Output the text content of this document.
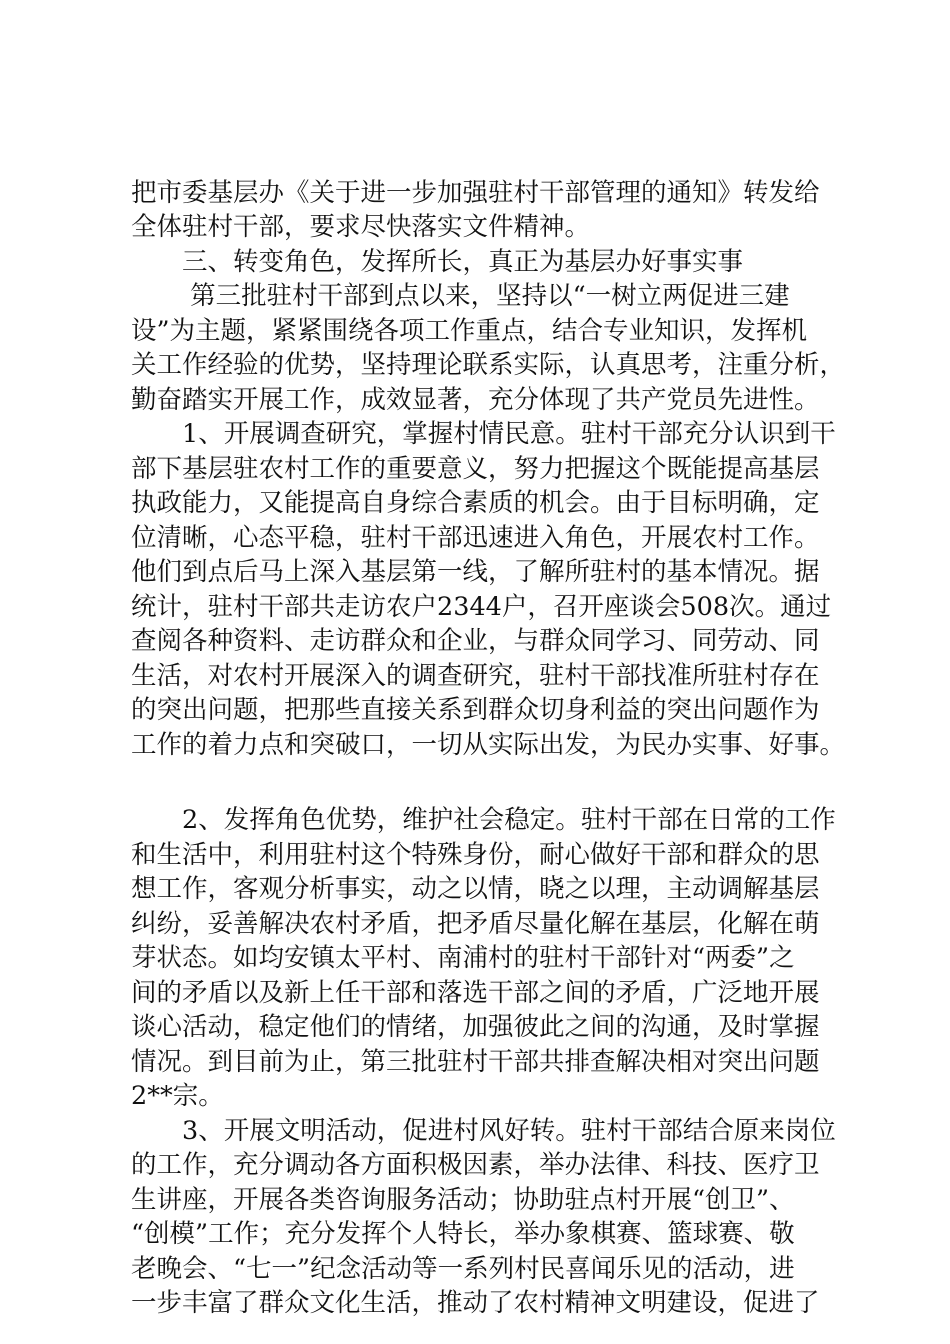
把市委基层办《关于进一步加强驻村干部管理的通知》转发给
全体驻村干部，要求尽快落实文件精神。
　　三、转变角色，发挥所长，真正为基层办好事实事
　　 第三批驻村干部到点以来，坚持以“一树立两促进三建
设”为主题，紧紧围绕各项工作重点，结合专业知识，发挥机
关工作经验的优势，坚持理论联系实际，认真思考，注重分析，
勤奋踏实开展工作，成效显著，充分体现了共产党员先进性。
　　1、开展调查研究，掌握村情民意。驻村干部充分认识到干
部下基层驻农村工作的重要意义，努力把握这个既能提高基层
执政能力，又能提高自身综合素质的机会。由于目标明确，定
位清晰，心态平稳，驻村干部迅速进入角色，开展农村工作。
他们到点后马上深入基层第一线，了解所驻村的基本情况。据
统计，驻村干部共走访农户2344户，召开座谈会508次。通过
查阅各种资料、走访群众和企业，与群众同学习、同劳动、同
生活，对农村开展深入的调查研究，驻村干部找准所驻村存在
的突出问题，把那些直接关系到群众切身利益的突出问题作为
工作的着力点和突破口，一切从实际出发，为民办实事、好事。
　　2、发挥角色优势，维护社会稳定。驻村干部在日常的工作
和生活中，利用驻村这个特殊身份，耐心做好干部和群众的思
想工作，客观分析事实，动之以情，晓之以理，主动调解基层
纠纷，妥善解决农村矛盾，把矛盾尽量化解在基层，化解在萌
芽状态。如均安镇太平村、南浦村的驻村干部针对“两委”之
间的矛盾以及新上任干部和落选干部之间的矛盾，广泛地开展
谈心活动，稳定他们的情绪，加强彼此之间的沟通，及时掌握
情况。到目前为止，第三批驻村干部共排查解决相对突出问题
2**宗。
　　3、开展文明活动，促进村风好转。驻村干部结合原来岗位
的工作，充分调动各方面积极因素，举办法律、科技、医疗卫
生讲座，开展各类咨询服务活动；协助驻点村开展“创卫”、
“创模”工作；充分发挥个人特长，举办象棋赛、篮球赛、敬
老晚会、“七一”纪念活动等一系列村民喜闻乐见的活动，进
一步丰富了群众文化生活，推动了农村精神文明建设，促进了
